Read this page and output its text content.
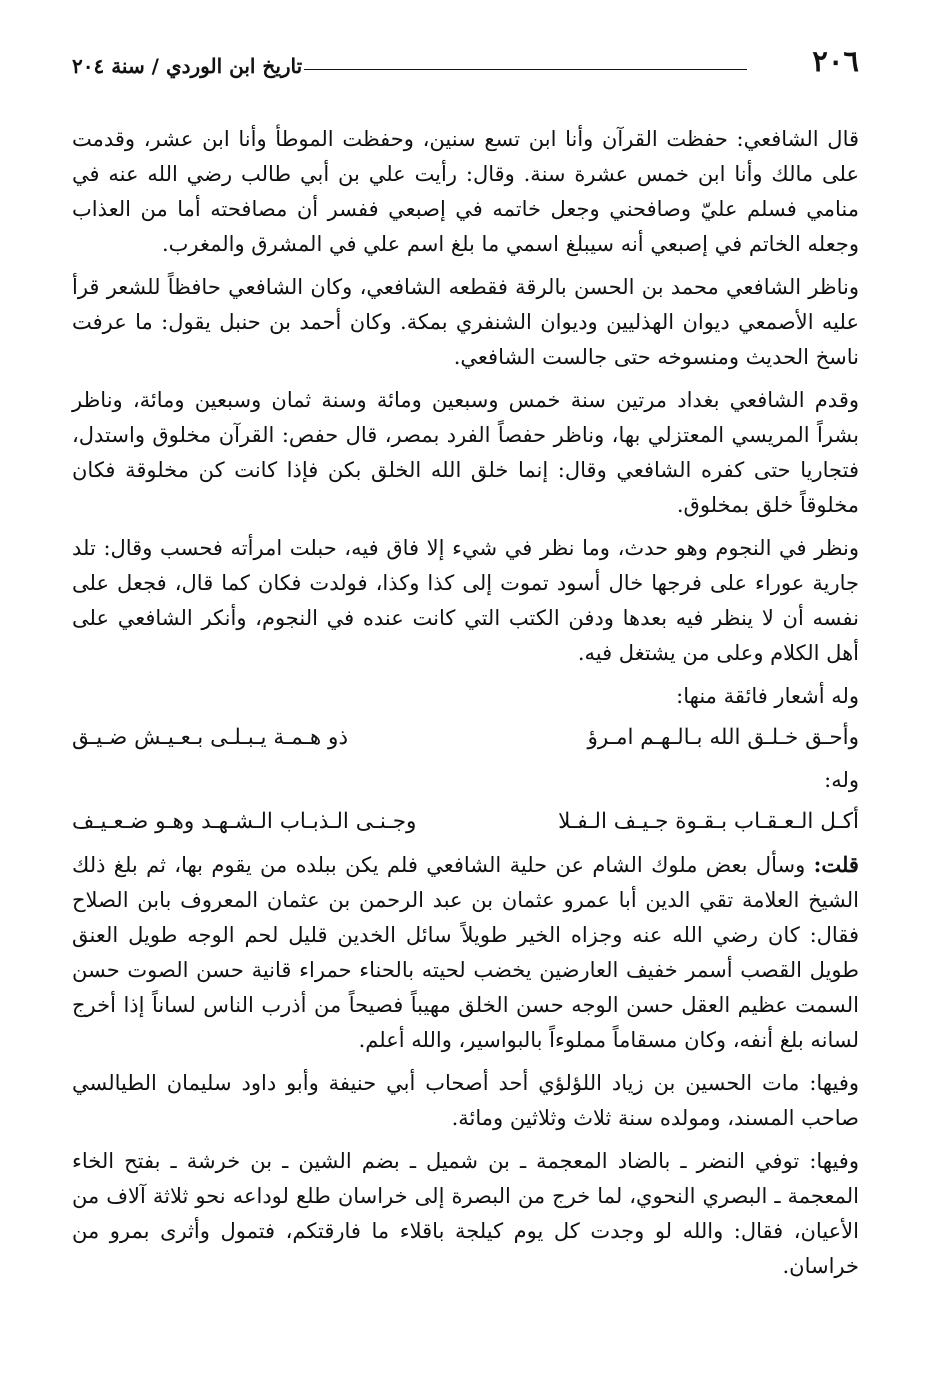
٢٠٦
تاريخ ابن الوردي / سنة ٢٠٤

قال الشافعي: حفظت القرآن وأنا ابن تسع سنين، وحفظت الموطأ وأنا ابن عشر، وقدمت على مالك وأنا ابن خمس عشرة سنة. وقال: رأيت علي بن أبي طالب رضي الله عنه في منامي فسلم عليّ وصافحني وجعل خاتمه في إصبعي ففسر أن مصافحته أما من العذاب وجعله الخاتم في إصبعي أنه سيبلغ اسمي ما بلغ اسم علي في المشرق والمغرب.

وناظر الشافعي محمد بن الحسن بالرقة فقطعه الشافعي، وكان الشافعي حافظاً للشعر قرأ عليه الأصمعي ديوان الهذليين وديوان الشنفري بمكة. وكان أحمد بن حنبل يقول: ما عرفت ناسخ الحديث ومنسوخه حتى جالست الشافعي.

وقدم الشافعي بغداد مرتين سنة خمس وسبعين ومائة وسنة ثمان وسبعين ومائة، وناظر بشراً المريسي المعتزلي بها، وناظر حفصاً الفرد بمصر، قال حفص: القرآن مخلوق واستدل، فتجاريا حتى كفره الشافعي وقال: إنما خلق الله الخلق بكن فإذا كانت كن مخلوقة فكان مخلوقاً خلق بمخلوق.

ونظر في النجوم وهو حدث، وما نظر في شيء إلا فاق فيه، حبلت امرأته فحسب وقال: تلد جارية عوراء على فرجها خال أسود تموت إلى كذا وكذا، فولدت فكان كما قال، فجعل على نفسه أن لا ينظر فيه بعدها ودفن الكتب التي كانت عنده في النجوم، وأنكر الشافعي على أهل الكلام وعلى من يشتغل فيه.

وله أشعار فائقة منها:
وأحـق خـلـق الله بـالـهـم امـرؤ
ذو هـمـة يـبـلـى بـعـيـش ضـيـق
وله:
أكـل الـعـقـاب بـقـوة جـيـف الـفـلا
وجـنـى الـذبـاب الـشـهـد وهـو ضـعـيـف

قلت: وسأل بعض ملوك الشام عن حلية الشافعي فلم يكن ببلده من يقوم بها، ثم بلغ ذلك الشيخ العلامة تقي الدين أبا عمرو عثمان بن عبد الرحمن بن عثمان المعروف بابن الصلاح فقال: كان رضي الله عنه وجزاه الخير طويلاً سائل الخدين قليل لحم الوجه طويل العنق طويل القصب أسمر خفيف العارضين يخضب لحيته بالحناء حمراء قانية حسن الصوت حسن السمت عظيم العقل حسن الوجه حسن الخلق مهيباً فصيحاً من أذرب الناس لساناً إذا أخرج لسانه بلغ أنفه، وكان مسقاماً مملوءاً بالبواسير، والله أعلم.

وفيها: مات الحسين بن زياد اللؤلؤي أحد أصحاب أبي حنيفة وأبو داود سليمان الطيالسي صاحب المسند، ومولده سنة ثلاث وثلاثين ومائة.

وفيها: توفي النضر ـ بالضاد المعجمة ـ بن شميل ـ بضم الشين ـ بن خرشة ـ بفتح الخاء المعجمة ـ البصري النحوي، لما خرج من البصرة إلى خراسان طلع لوداعه نحو ثلاثة آلاف من الأعيان، فقال: والله لو وجدت كل يوم كيلجة باقلاء ما فارقتكم، فتمول وأثرى بمرو من خراسان.
